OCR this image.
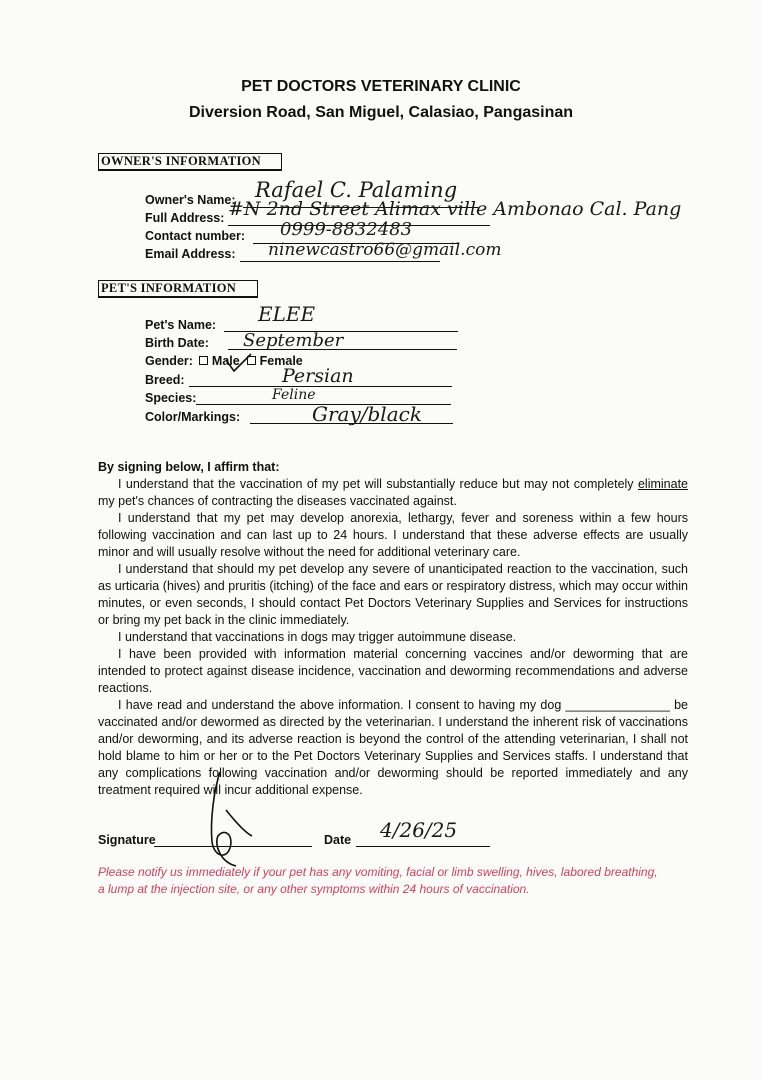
PET DOCTORS VETERINARY CLINIC
Diversion Road, San Miguel, Calasiao, Pangasinan
OWNER'S INFORMATION
Owner's Name: Rafael C. Palaming
Full Address: #N 2nd Street Alimax ville Ambonao Cal. Pang
Contact number: 0999-8832483
Email Address: ninewcastro66@gmail.com
PET'S INFORMATION
Pet's Name: ELEE
Birth Date: September
Gender: Male Female
Breed:	Persian
Species:	Feline
Color/Markings:	Gray/black

By signing below, I affirm that:

I understand that the vaccination of my pet will substantially reduce but may not completely eliminate my pet's chances of contracting the diseases vaccinated against.

I understand that my pet may develop anorexia, lethargy, fever and soreness within a few hours following vaccination and can last up to 24 hours. I understand that these adverse effects are usually minor and will usually resolve without the need for additional veterinary care.

I understand that should my pet develop any severe of unanticipated reaction to the vaccination, such as urticaria (hives) and pruritis (itching) of the face and ears or respiratory distress, which may occur within minutes, or even seconds, I should contact Pet Doctors Veterinary Supplies and Services for instructions or bring my pet back in the clinic immediately.

I understand that vaccinations in dogs may trigger autoimmune disease.

I have been provided with information material concerning vaccines and/or deworming that are intended to protect against disease incidence, vaccination and deworming recommendations and adverse reactions.

I have read and understand the above information. I consent to having my dog _______________ be vaccinated and/or dewormed as directed by the veterinarian. I understand the inherent risk of vaccinations and/or deworming, and its adverse reaction is beyond the control of the attending veterinarian, I shall not hold blame to him or her or to the Pet Doctors Veterinary Supplies and Services staffs. I understand that any complications following vaccination and/or deworming should be reported immediately and any treatment required will incur additional expense.

Signature	Date 4/26/25
Please notify us immediately if your pet has any vomiting, facial or limb swelling, hives, labored breathing, a lump at the injection site, or any other symptoms within 24 hours of vaccination.
